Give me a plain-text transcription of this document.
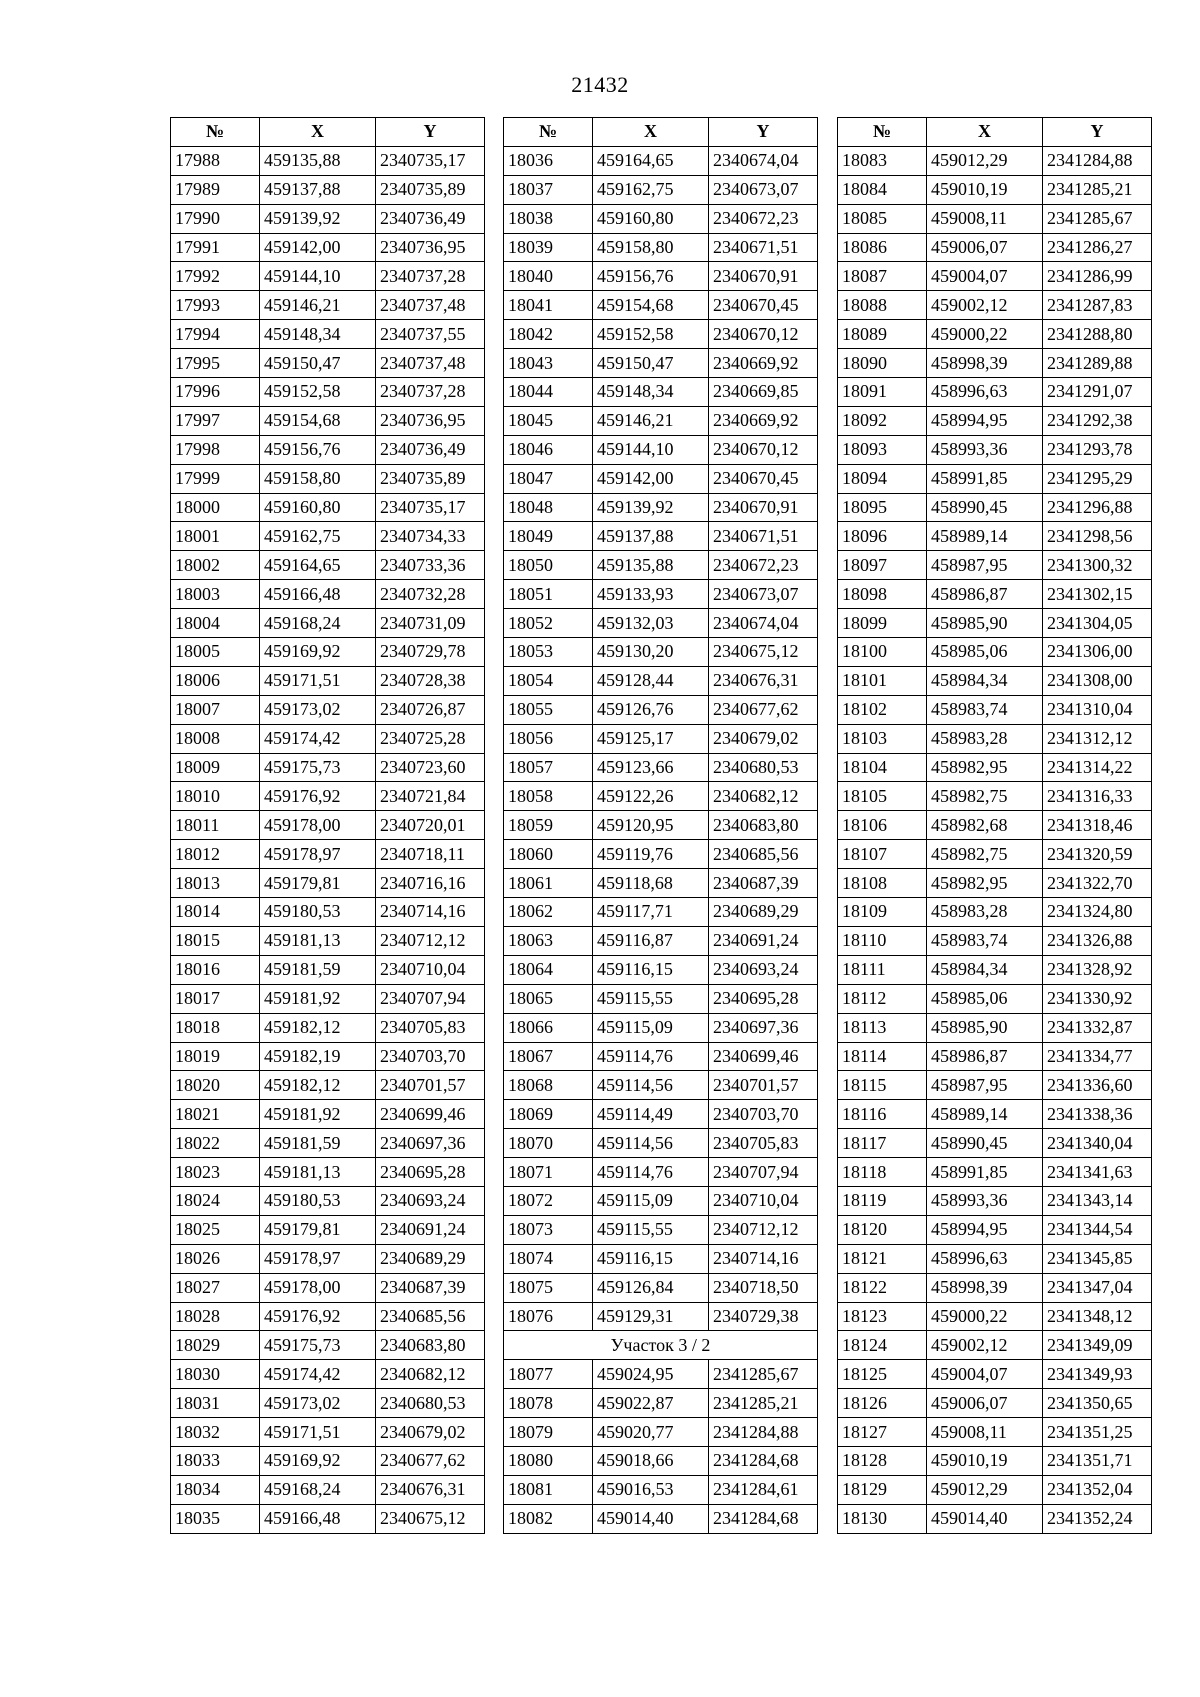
21432
№	X	Y
17988	459135,88	2340735,17
17989	459137,88	2340735,89
17990	459139,92	2340736,49
17991	459142,00	2340736,95
17992	459144,10	2340737,28
17993	459146,21	2340737,48
17994	459148,34	2340737,55
17995	459150,47	2340737,48
17996	459152,58	2340737,28
17997	459154,68	2340736,95
17998	459156,76	2340736,49
17999	459158,80	2340735,89
18000	459160,80	2340735,17
18001	459162,75	2340734,33
18002	459164,65	2340733,36
18003	459166,48	2340732,28
18004	459168,24	2340731,09
18005	459169,92	2340729,78
18006	459171,51	2340728,38
18007	459173,02	2340726,87
18008	459174,42	2340725,28
18009	459175,73	2340723,60
18010	459176,92	2340721,84
18011	459178,00	2340720,01
18012	459178,97	2340718,11
18013	459179,81	2340716,16
18014	459180,53	2340714,16
18015	459181,13	2340712,12
18016	459181,59	2340710,04
18017	459181,92	2340707,94
18018	459182,12	2340705,83
18019	459182,19	2340703,70
18020	459182,12	2340701,57
18021	459181,92	2340699,46
18022	459181,59	2340697,36
18023	459181,13	2340695,28
18024	459180,53	2340693,24
18025	459179,81	2340691,24
18026	459178,97	2340689,29
18027	459178,00	2340687,39
18028	459176,92	2340685,56
18029	459175,73	2340683,80
18030	459174,42	2340682,12
18031	459173,02	2340680,53
18032	459171,51	2340679,02
18033	459169,92	2340677,62
18034	459168,24	2340676,31
18035	459166,48	2340675,12
№	X	Y
18036	459164,65	2340674,04
18037	459162,75	2340673,07
18038	459160,80	2340672,23
18039	459158,80	2340671,51
18040	459156,76	2340670,91
18041	459154,68	2340670,45
18042	459152,58	2340670,12
18043	459150,47	2340669,92
18044	459148,34	2340669,85
18045	459146,21	2340669,92
18046	459144,10	2340670,12
18047	459142,00	2340670,45
18048	459139,92	2340670,91
18049	459137,88	2340671,51
18050	459135,88	2340672,23
18051	459133,93	2340673,07
18052	459132,03	2340674,04
18053	459130,20	2340675,12
18054	459128,44	2340676,31
18055	459126,76	2340677,62
18056	459125,17	2340679,02
18057	459123,66	2340680,53
18058	459122,26	2340682,12
18059	459120,95	2340683,80
18060	459119,76	2340685,56
18061	459118,68	2340687,39
18062	459117,71	2340689,29
18063	459116,87	2340691,24
18064	459116,15	2340693,24
18065	459115,55	2340695,28
18066	459115,09	2340697,36
18067	459114,76	2340699,46
18068	459114,56	2340701,57
18069	459114,49	2340703,70
18070	459114,56	2340705,83
18071	459114,76	2340707,94
18072	459115,09	2340710,04
18073	459115,55	2340712,12
18074	459116,15	2340714,16
18075	459126,84	2340718,50
18076	459129,31	2340729,38
Участок 3 / 2		
18077	459024,95	2341285,67
18078	459022,87	2341285,21
18079	459020,77	2341284,88
18080	459018,66	2341284,68
18081	459016,53	2341284,61
18082	459014,40	2341284,68
№	X	Y
18083	459012,29	2341284,88
18084	459010,19	2341285,21
18085	459008,11	2341285,67
18086	459006,07	2341286,27
18087	459004,07	2341286,99
18088	459002,12	2341287,83
18089	459000,22	2341288,80
18090	458998,39	2341289,88
18091	458996,63	2341291,07
18092	458994,95	2341292,38
18093	458993,36	2341293,78
18094	458991,85	2341295,29
18095	458990,45	2341296,88
18096	458989,14	2341298,56
18097	458987,95	2341300,32
18098	458986,87	2341302,15
18099	458985,90	2341304,05
18100	458985,06	2341306,00
18101	458984,34	2341308,00
18102	458983,74	2341310,04
18103	458983,28	2341312,12
18104	458982,95	2341314,22
18105	458982,75	2341316,33
18106	458982,68	2341318,46
18107	458982,75	2341320,59
18108	458982,95	2341322,70
18109	458983,28	2341324,80
18110	458983,74	2341326,88
18111	458984,34	2341328,92
18112	458985,06	2341330,92
18113	458985,90	2341332,87
18114	458986,87	2341334,77
18115	458987,95	2341336,60
18116	458989,14	2341338,36
18117	458990,45	2341340,04
18118	458991,85	2341341,63
18119	458993,36	2341343,14
18120	458994,95	2341344,54
18121	458996,63	2341345,85
18122	458998,39	2341347,04
18123	459000,22	2341348,12
18124	459002,12	2341349,09
18125	459004,07	2341349,93
18126	459006,07	2341350,65
18127	459008,11	2341351,25
18128	459010,19	2341351,71
18129	459012,29	2341352,04
18130	459014,40	2341352,24
